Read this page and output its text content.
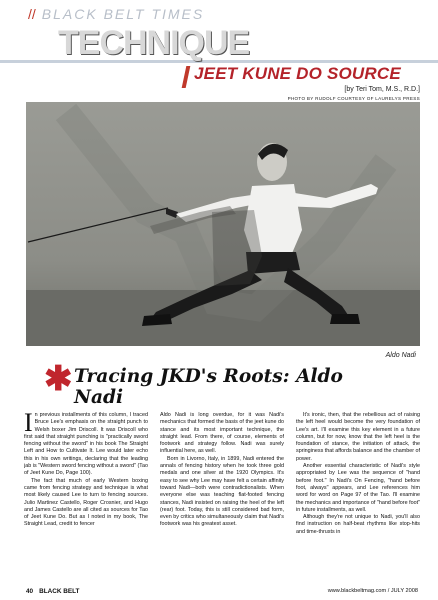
// BLACK BELT TIMES
TECHNIQUE
JEET KUNE DO SOURCE
[by Teri Tom, M.S., R.D.]
PHOTO BY RUDOLF COURTESY OF LAURELYS PRESS
Aldo Nadi
✱ Tracing JKD's Roots: Aldo Nadi

In previous installments of this column, I traced Bruce Lee's emphasis on the straight punch to Welsh boxer Jim Driscoll. It was Driscoll who first said that straight punching is "practically sword fencing without the sword" in his book The Straight Left and How to Cultivate It. Lee would later echo this in his own writings, declaring that the leading jab is "Western sword fencing without a sword" (Tao of Jeet Kune Do, Page 100).

The fact that much of early Western boxing came from fencing strategy and technique is what most likely caused Lee to turn to fencing sources. Julio Martinez Castello, Roger Crosnier, and Hugo and James Castello are all cited as sources for Tao of Jeet Kune Do. But as I noted in my book, The Straight Lead, credit to fencer

Aldo Nadi is long overdue, for it was Nadi's mechanics that formed the basis of the jeet kune do stance and its most important technique, the straight lead. From there, of course, elements of footwork and strategy follow. Nadi was surely influential here, as well.

Born in Livorno, Italy, in 1899, Nadi entered the annals of fencing history when he took three gold medals and one silver at the 1920 Olympics. It's easy to see why Lee may have felt a certain affinity toward Nadi—both were contradictionalists. When everyone else was teaching flat-footed fencing stances, Nadi insisted on raising the heel of the left (rear) foot. Today, this is still considered bad form, even by critics who simultaneously claim that Nadi's footwork was his greatest asset.

It's ironic, then, that the rebellious act of raising the left heel would become the very foundation of Lee's art. I'll examine this key element in a future column, but for now, know that the left heel is the foundation of stance, the initiation of attack, the springiness that affords balance and the chamber of power.

Another essential characteristic of Nadi's style appropriated by Lee was the sequence of "hand before foot." In Nadi's On Fencing, "hand before foot, always" appears, and Lee references him word for word on Page 97 of the Tao. I'll examine the mechanics and importance of "hand before foot" in future installments, as well.

Although they're not unique to Nadi, you'll also find instruction on half-beat rhythms like stop-hits and time-thrusts in

40 BLACK BELT	www.blackbeltmag.com / JULY 2008
